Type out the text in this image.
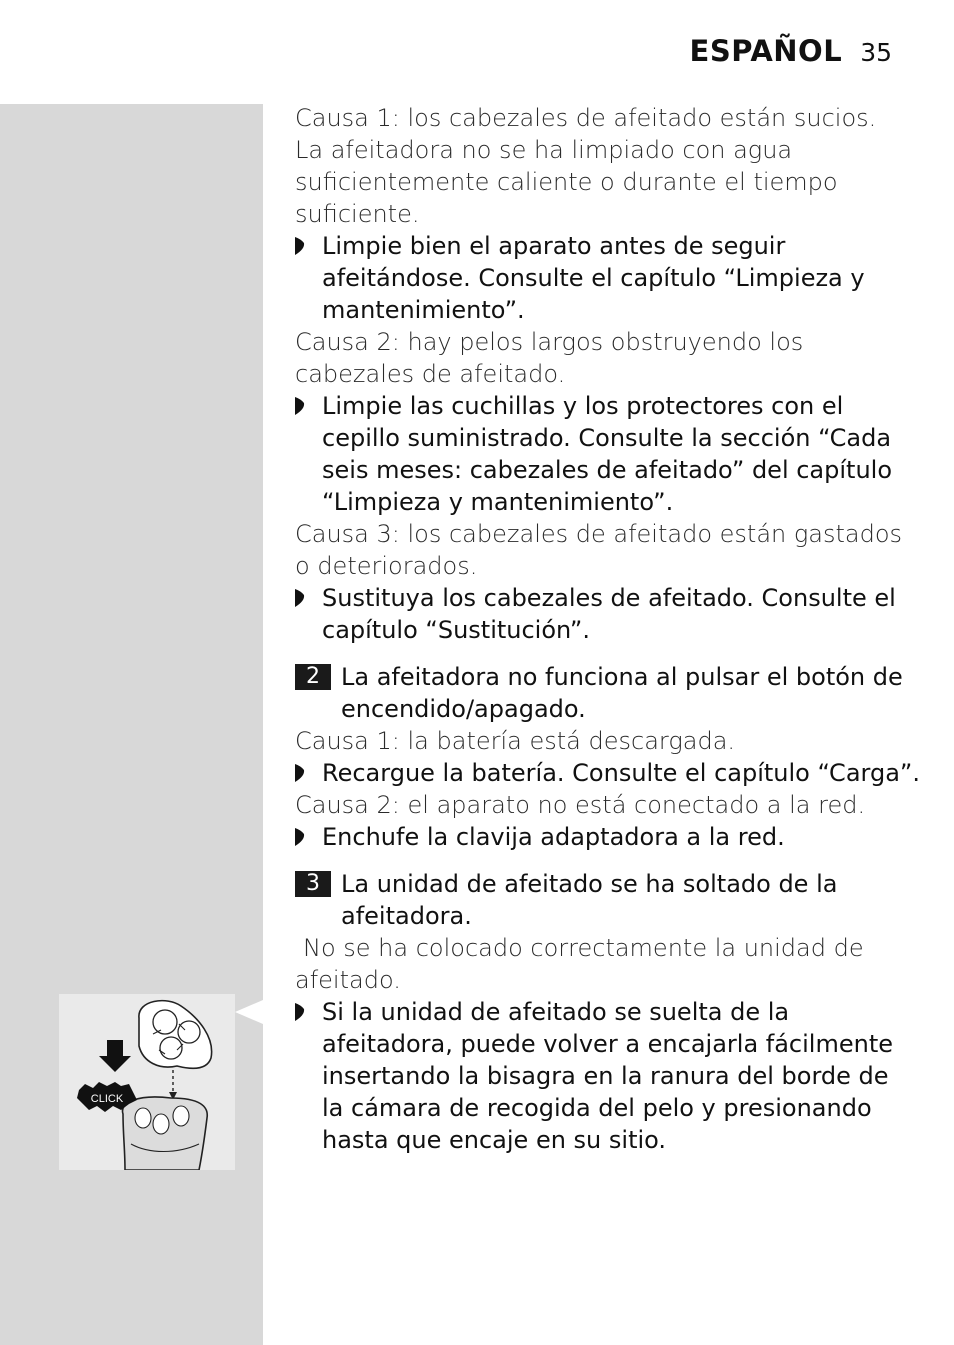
ESPAÑOL 35
CLICK

Causa 1: los cabezales de afeitado están sucios. La afeitadora no se ha limpiado con agua suficientemente caliente o durante el tiempo suficiente.

Limpie bien el aparato antes de seguir afeitándose. Consulte el capítulo “Limpieza y mantenimiento”.

Causa 2: hay pelos largos obstruyendo los cabezales de afeitado.

Limpie las cuchillas y los protectores con el cepillo suministrado. Consulte la sección “Cada seis meses: cabezales de afeitado” del capítulo “Limpieza y mantenimiento”.

Causa 3: los cabezales de afeitado están gastados o deteriorados.

Sustituya los cabezales de afeitado. Consulte el capítulo “Sustitución”.

2 La afeitadora no funciona al pulsar el botón de encendido/apagado.

Causa 1: la batería está descargada.

Recargue la batería. Consulte el capítulo “Carga”.

Causa 2: el aparato no está conectado a la red.

Enchufe la clavija adaptadora a la red.

3 La unidad de afeitado se ha soltado de la afeitadora.

No se ha colocado correctamente la unidad de afeitado.

Si la unidad de afeitado se suelta de la afeitadora, puede volver a encajarla fácilmente insertando la bisagra en la ranura del borde de la cámara de recogida del pelo y presionando hasta que encaje en su sitio.
